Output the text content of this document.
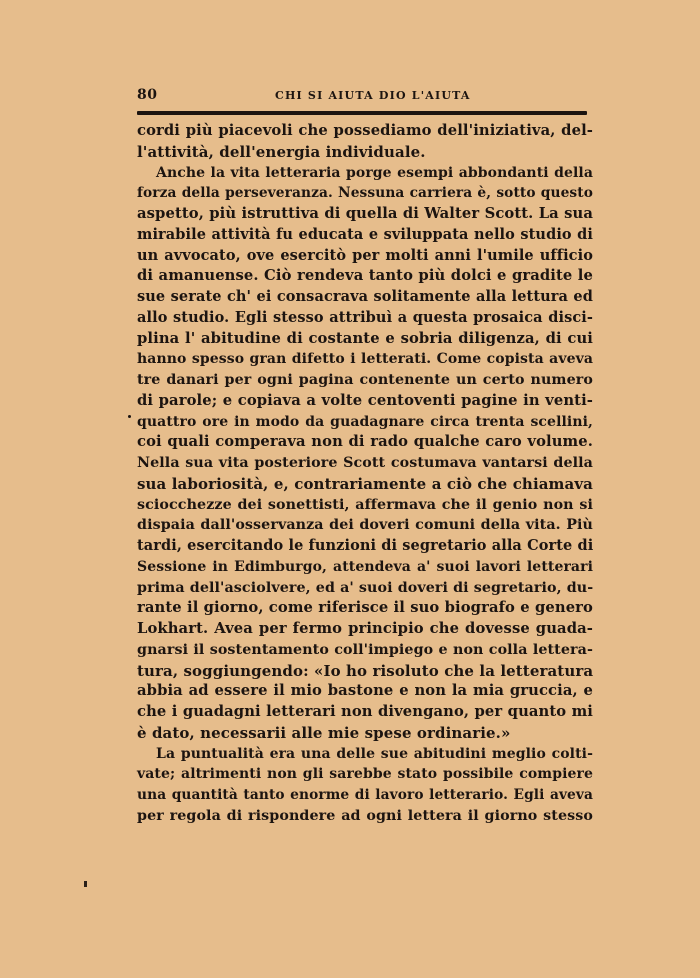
80	CHI SI AIUTA DIO L'AIUTA
cordi più piacevoli che possediamo dell'iniziativa, del-
l'attività, dell'energia individuale.
Anche la vita letteraria porge esempi abbondanti della
forza della perseveranza. Nessuna carriera è, sotto questo
aspetto, più istruttiva di quella di Walter Scott. La sua
mirabile attività fu educata e sviluppata nello studio di
un avvocato, ove esercitò per molti anni l'umile ufficio
di amanuense. Ciò rendeva tanto più dolci e gradite le
sue serate ch' ei consacrava solitamente alla lettura ed
allo studio. Egli stesso attribuì a questa prosaica disci-
plina l' abitudine di costante e sobria diligenza, di cui
hanno spesso gran difetto i letterati. Come copista aveva
tre danari per ogni pagina contenente un certo numero
di parole; e copiava a volte centoventi pagine in venti-
quattro ore in modo da guadagnare circa trenta scellini,
coi quali comperava non di rado qualche caro volume.
Nella sua vita posteriore Scott costumava vantarsi della
sua laboriosità, e, contrariamente a ciò che chiamava
sciocchezze dei sonettisti, affermava che il genio non si
dispaia dall'osservanza dei doveri comuni della vita. Più
tardi, esercitando le funzioni di segretario alla Corte di
Sessione in Edimburgo, attendeva a' suoi lavori letterari
prima dell'asciolvere, ed a' suoi doveri di segretario, du-
rante il giorno, come riferisce il suo biografo e genero
Lokhart. Avea per fermo principio che dovesse guada-
gnarsi il sostentamento coll'impiego e non colla lettera-
tura, soggiungendo: «Io ho risoluto che la letteratura
abbia ad essere il mio bastone e non la mia gruccia, e
che i guadagni letterari non divengano, per quanto mi
è dato, necessarii alle mie spese ordinarie.»
La puntualità era una delle sue abitudini meglio colti-
vate; altrimenti non gli sarebbe stato possibile compiere
una quantità tanto enorme di lavoro letterario. Egli aveva
per regola di rispondere ad ogni lettera il giorno stesso
